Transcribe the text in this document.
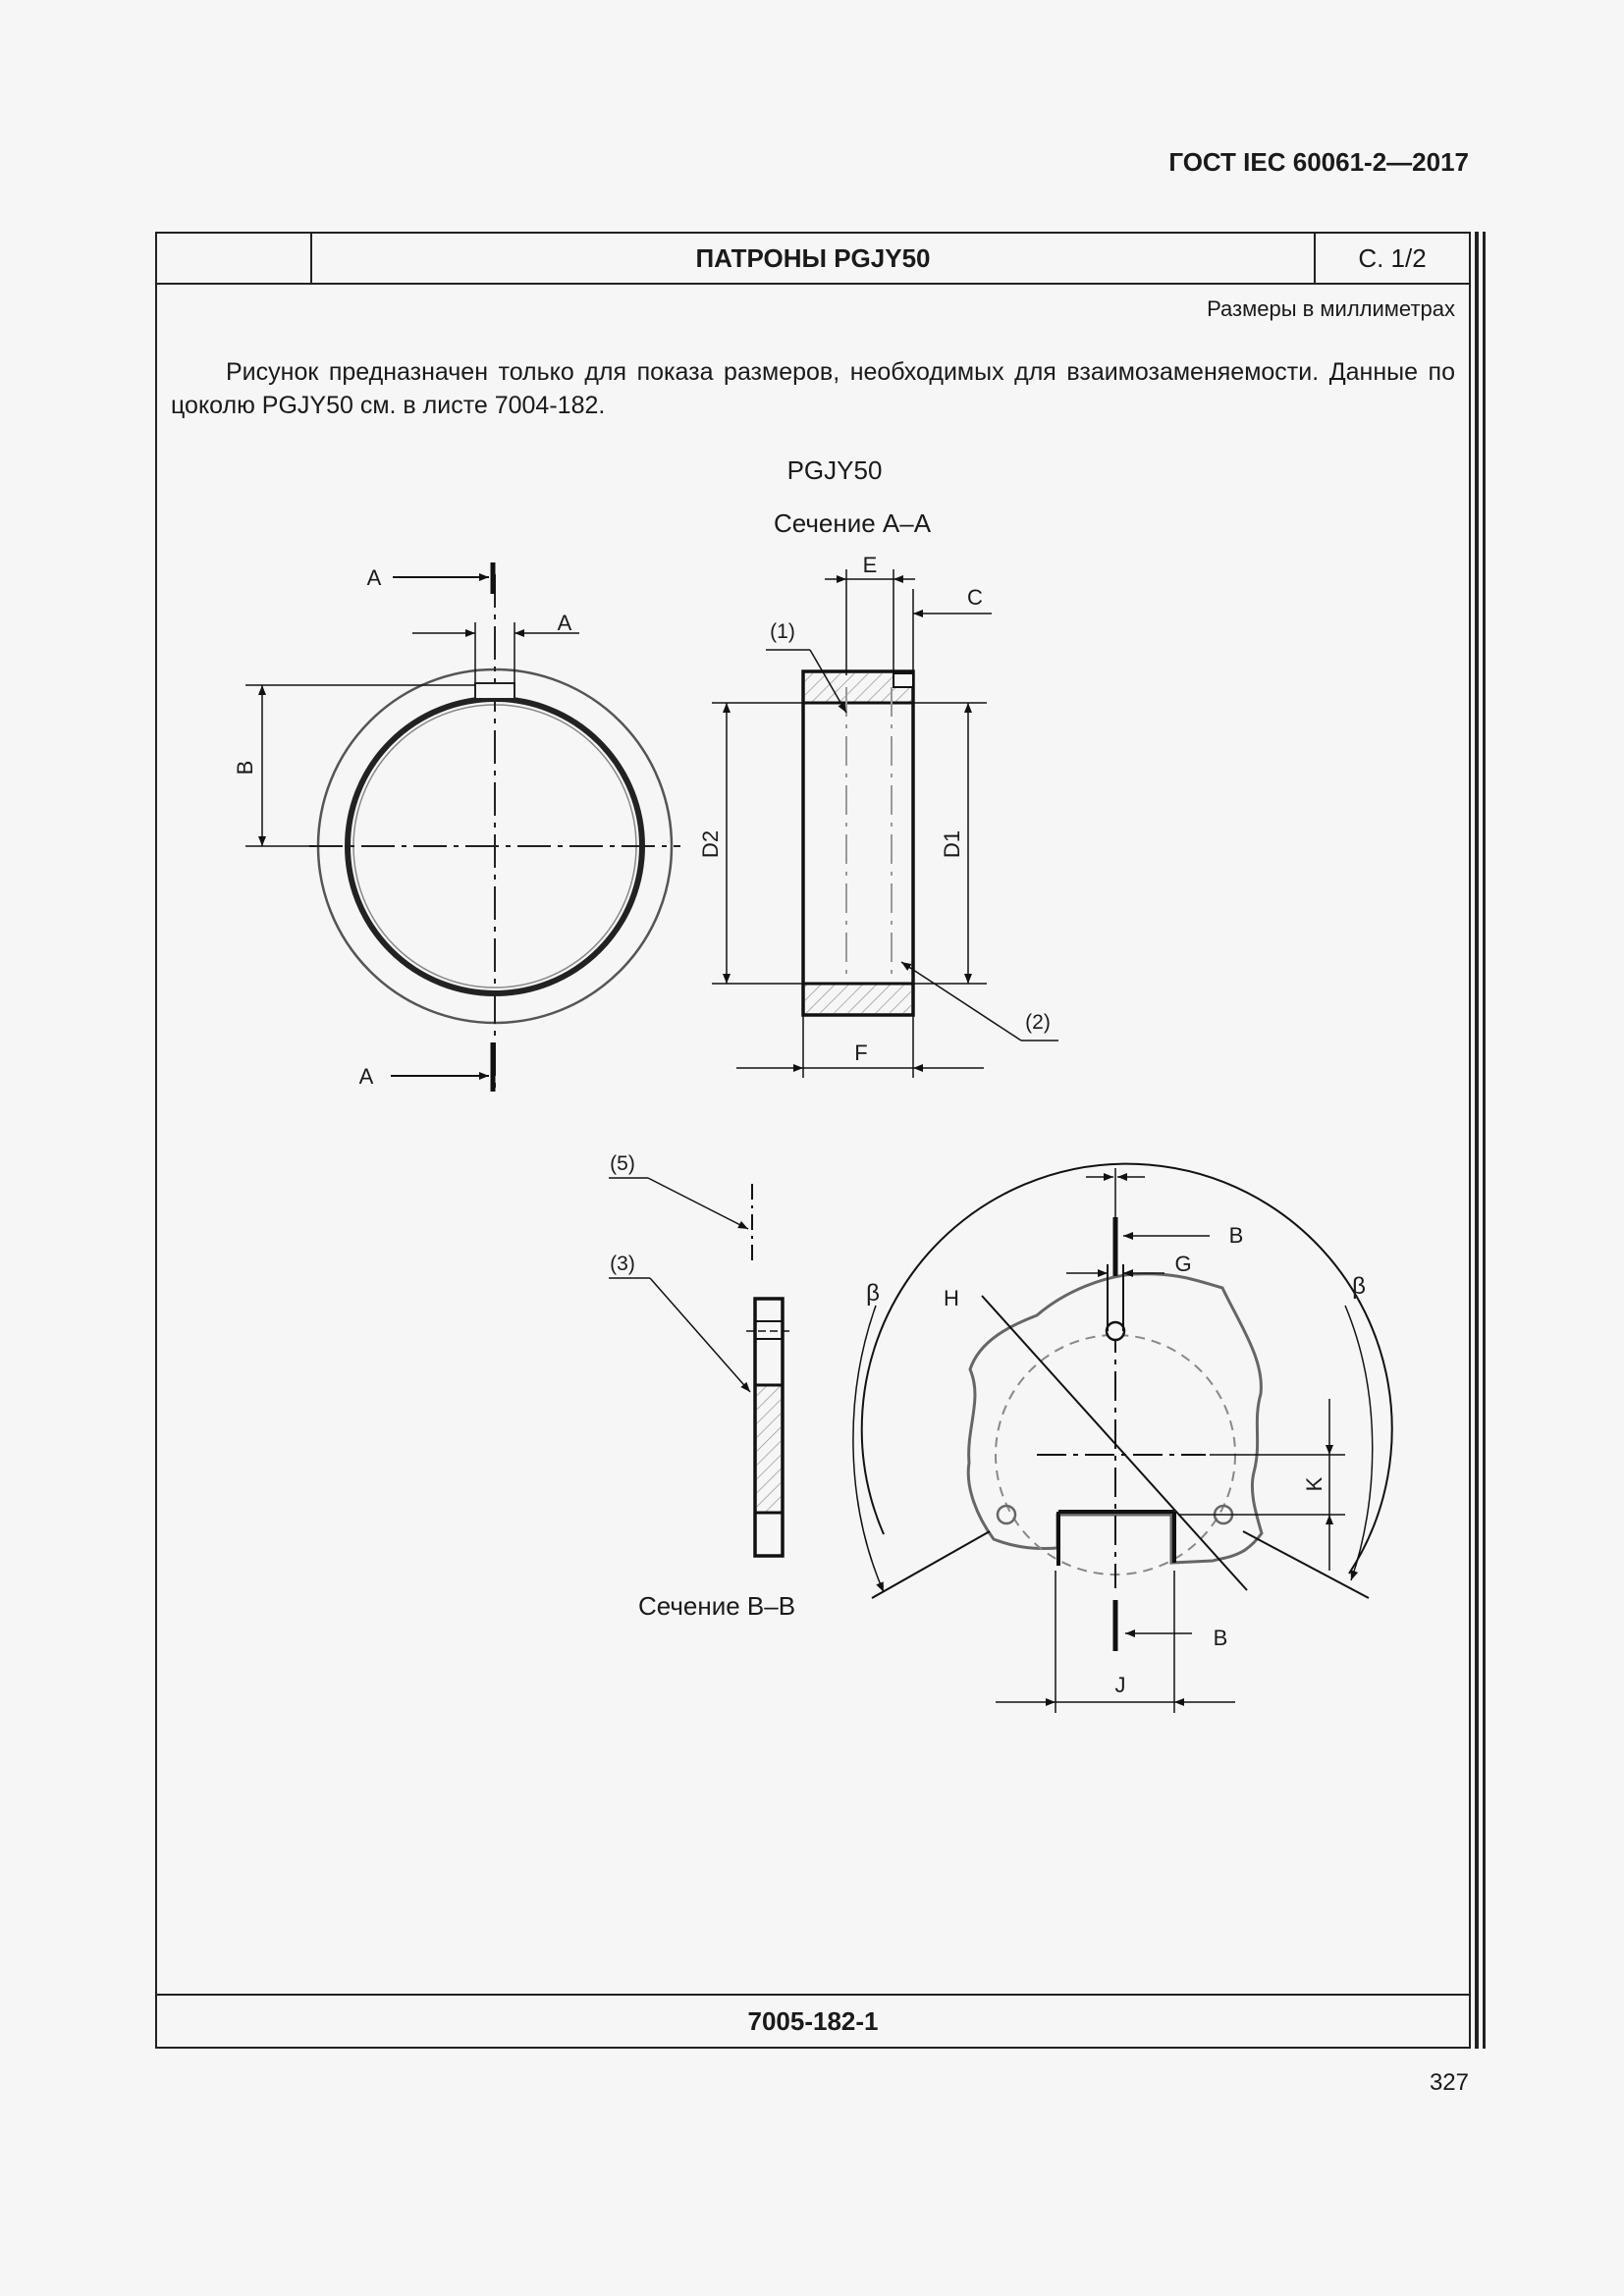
ГОСТ IEC 60061-2—2017
ПАТРОНЫ PGJY50	С. 1/2
Размеры в миллиметрах
Рисунок предназначен только для показа размеров, необходимых для взаимозаменяемости. Данные по цоколю PGJY50 см. в листе 7004-182.
7005-182-1
PGJY50
Сечение A–A
A
A
A
B
E
C
D2	D1
F
(1)
(2)
(5)
(3)
Сечение B–B
B
G
H
β	β
K
B
J
327
